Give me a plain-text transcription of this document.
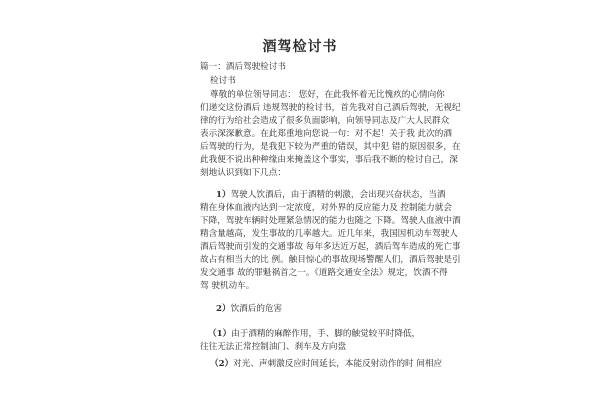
酒驾检讨书
篇一：酒后驾驶检讨书
检讨书
尊敬的单位领导同志： 您好，在此我怀着无比愧疚的心情向你
们递交这份酒后 违规驾驶的检讨书，首先我对自己酒后驾驶，无视纪
律的行为给社会造成了很多负面影响，向领导同志及广大人民群众
表示深深歉意。在此郑重地向您说一句：对不起！关于我 此次的酒
后驾驶的行为，是我犯下较为严重的错误，其中犯 错的原因很多，在
此我便不说出种种缘由来掩盖这个事实，事后我不断的检讨自己，深
刻地认识到如下几点：
1）驾驶人饮酒后，由于酒精的刺激，会出现兴奋状态，当酒
精在身体血液内达到一定浓度，对外界的反应能力及 控制能力就会
下降，驾驶车辆时处理紧急情况的能力也随之 下降。驾驶人血液中酒
精含量越高，发生事故的几率越大。近几年来，我国因机动车驾驶人
酒后驾驶而引发的交通事故 每年多达近万起，酒后驾车造成的死亡事
故占有相当大的比 例。触目惊心的事故现场警醒人们，酒后驾驶是引
发交通事 故的罪魁祸首之一。《道路交通安全法》规定，饮酒不得
驾 驶机动车。
2）饮酒后的危害
（1）由于酒精的麻醉作用，手、脚的触觉较平时降低，
往往无法正常控制油门、刹车及方向盘
（2）对光、声刺激反应时间延长，本能反射动作的时 间相应
